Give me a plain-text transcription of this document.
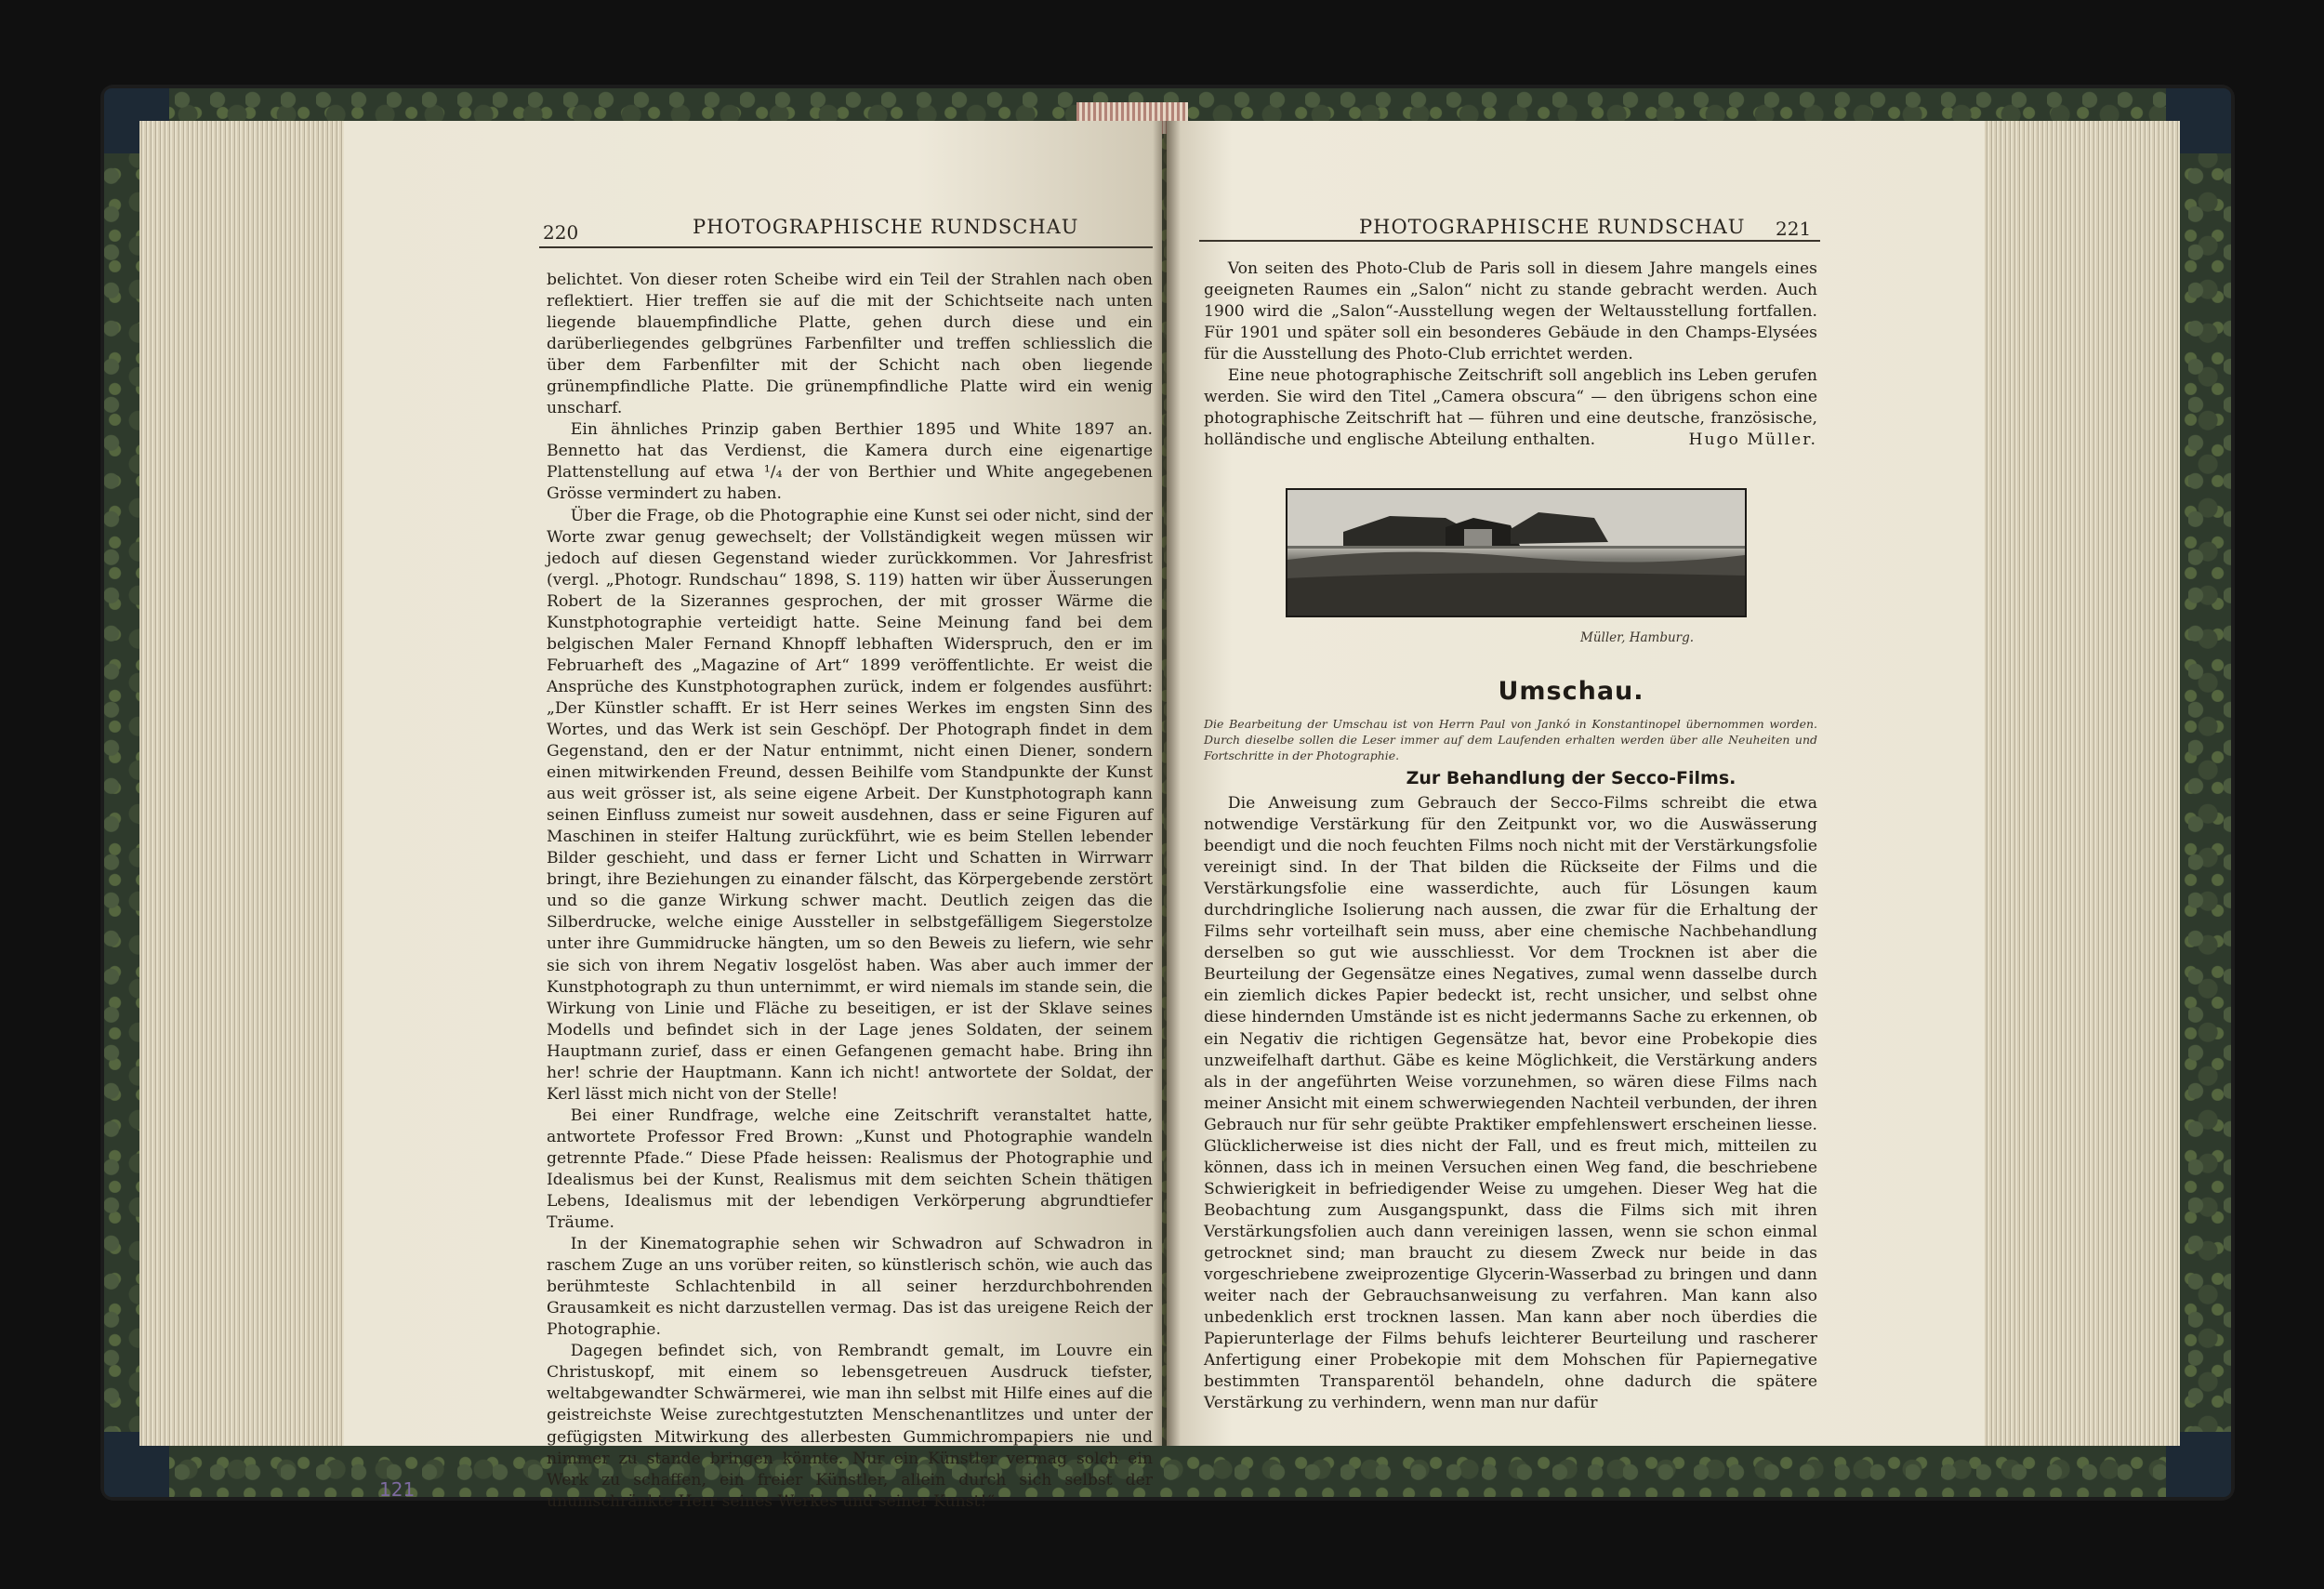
220	PHOTOGRAPHISCHE RUNDSCHAU

belichtet. Von dieser roten Scheibe wird ein Teil der Strahlen nach oben reflektiert. Hier treffen sie auf die mit der Schichtseite nach unten liegende blauempfindliche Platte, gehen durch diese und ein darüberliegendes gelbgrünes Farbenfilter und treffen schliesslich die über dem Farbenfilter mit der Schicht nach oben liegende grünempfindliche Platte. Die grünempfindliche Platte wird ein wenig unscharf.

Ein ähnliches Prinzip gaben Berthier 1895 und White 1897 an. Bennetto hat das Verdienst, die Kamera durch eine eigenartige Plattenstellung auf etwa ¹/₄ der von Berthier und White angegebenen Grösse vermindert zu haben.

Über die Frage, ob die Photographie eine Kunst sei oder nicht, sind der Worte zwar genug gewechselt; der Vollständigkeit wegen müssen wir jedoch auf diesen Gegenstand wieder zurückkommen. Vor Jahresfrist (vergl. „Photogr. Rundschau“ 1898, S. 119) hatten wir über Äusserungen Robert de la Sizerannes gesprochen, der mit grosser Wärme die Kunstphotographie verteidigt hatte. Seine Meinung fand bei dem belgischen Maler Fernand Khnopff lebhaften Widerspruch, den er im Februarheft des „Magazine of Art“ 1899 veröffentlichte. Er weist die Ansprüche des Kunstphotographen zurück, indem er folgendes ausführt: „Der Künstler schafft. Er ist Herr seines Werkes im engsten Sinn des Wortes, und das Werk ist sein Geschöpf. Der Photograph findet in dem Gegenstand, den er der Natur entnimmt, nicht einen Diener, sondern einen mitwirkenden Freund, dessen Beihilfe vom Standpunkte der Kunst aus weit grösser ist, als seine eigene Arbeit. Der Kunstphotograph kann seinen Einfluss zumeist nur soweit ausdehnen, dass er seine Figuren auf Maschinen in steifer Haltung zurückführt, wie es beim Stellen lebender Bilder geschieht, und dass er ferner Licht und Schatten in Wirrwarr bringt, ihre Beziehungen zu einander fälscht, das Körpergebende zerstört und so die ganze Wirkung schwer macht. Deutlich zeigen das die Silberdrucke, welche einige Aussteller in selbstgefälligem Siegerstolze unter ihre Gummidrucke hängten, um so den Beweis zu liefern, wie sehr sie sich von ihrem Negativ losgelöst haben. Was aber auch immer der Kunstphotograph zu thun unternimmt, er wird niemals im stande sein, die Wirkung von Linie und Fläche zu beseitigen, er ist der Sklave seines Modells und befindet sich in der Lage jenes Soldaten, der seinem Hauptmann zurief, dass er einen Gefangenen gemacht habe. Bring ihn her! schrie der Hauptmann. Kann ich nicht! antwortete der Soldat, der Kerl lässt mich nicht von der Stelle!

Bei einer Rundfrage, welche eine Zeitschrift veranstaltet hatte, antwortete Professor Fred Brown: „Kunst und Photographie wandeln getrennte Pfade.“ Diese Pfade heissen: Realismus der Photographie und Idealismus bei der Kunst, Realismus mit dem seichten Schein thätigen Lebens, Idealismus mit der lebendigen Verkörperung abgrundtiefer Träume.

In der Kinematographie sehen wir Schwadron auf Schwadron in raschem Zuge an uns vorüber reiten, so künstlerisch schön, wie auch das berühmteste Schlachtenbild in all seiner herzdurchbohrenden Grausamkeit es nicht darzustellen vermag. Das ist das ureigene Reich der Photographie.

Dagegen befindet sich, von Rembrandt gemalt, im Louvre ein Christuskopf, mit einem so lebensgetreuen Ausdruck tiefster, weltabgewandter Schwärmerei, wie man ihn selbst mit Hilfe eines auf die geistreichste Weise zurechtgestutzten Menschenantlitzes und unter der gefügigsten Mitwirkung des allerbesten Gummichrompapiers nie und nimmer zu stande bringen könnte. Nur ein Künstler vermag solch ein Werk zu schaffen, ein freier Künstler, allein durch sich selbst der unumschränkte Herr seines Werkes und seiner Kunst!“

121
PHOTOGRAPHISCHE RUNDSCHAU 221

Von seiten des Photo-Club de Paris soll in diesem Jahre mangels eines geeigneten Raumes ein „Salon“ nicht zu stande gebracht werden. Auch 1900 wird die „Salon“-Ausstellung wegen der Weltausstellung fortfallen. Für 1901 und später soll ein besonderes Gebäude in den Champs-Elysées für die Ausstellung des Photo-Club errichtet werden.

Eine neue photographische Zeitschrift soll angeblich ins Leben gerufen werden. Sie wird den Titel „Camera obscura“ — den übrigens schon eine photographische Zeitschrift hat — führen und eine deutsche, französische, holländische und englische Abteilung enthalten.	Hugo Müller.
Müller, Hamburg.
Umschau.
Die Bearbeitung der Umschau ist von Herrn Paul von Jankó in Konstantinopel übernommen worden. Durch dieselbe sollen die Leser immer auf dem Laufenden erhalten werden über alle Neuheiten und Fortschritte in der Photographie.
Zur Behandlung der Secco-Films.

Die Anweisung zum Gebrauch der Secco-Films schreibt die etwa notwendige Verstärkung für den Zeitpunkt vor, wo die Auswässerung beendigt und die noch feuchten Films noch nicht mit der Verstärkungsfolie vereinigt sind. In der That bilden die Rückseite der Films und die Verstärkungsfolie eine wasserdichte, auch für Lösungen kaum durchdringliche Isolierung nach aussen, die zwar für die Erhaltung der Films sehr vorteilhaft sein muss, aber eine chemische Nachbehandlung derselben so gut wie ausschliesst. Vor dem Trocknen ist aber die Beurteilung der Gegensätze eines Negatives, zumal wenn dasselbe durch ein ziemlich dickes Papier bedeckt ist, recht unsicher, und selbst ohne diese hindernden Umstände ist es nicht jedermanns Sache zu erkennen, ob ein Negativ die richtigen Gegensätze hat, bevor eine Probekopie dies unzweifelhaft darthut. Gäbe es keine Möglichkeit, die Verstärkung anders als in der angeführten Weise vorzunehmen, so wären diese Films nach meiner Ansicht mit einem schwerwiegenden Nachteil verbunden, der ihren Gebrauch nur für sehr geübte Praktiker empfehlenswert erscheinen liesse. Glücklicherweise ist dies nicht der Fall, und es freut mich, mitteilen zu können, dass ich in meinen Versuchen einen Weg fand, die beschriebene Schwierigkeit in befriedigender Weise zu umgehen. Dieser Weg hat die Beobachtung zum Ausgangspunkt, dass die Films sich mit ihren Verstärkungsfolien auch dann vereinigen lassen, wenn sie schon einmal getrocknet sind; man braucht zu diesem Zweck nur beide in das vorgeschriebene zweiprozentige Glycerin-Wasserbad zu bringen und dann weiter nach der Gebrauchsanweisung zu verfahren. Man kann also unbedenklich erst trocknen lassen. Man kann aber noch überdies die Papierunterlage der Films behufs leichterer Beurteilung und rascherer Anfertigung einer Probekopie mit dem Mohschen für Papiernegative bestimmten Transparentöl behandeln, ohne dadurch die spätere Verstärkung zu verhindern, wenn man nur dafür
